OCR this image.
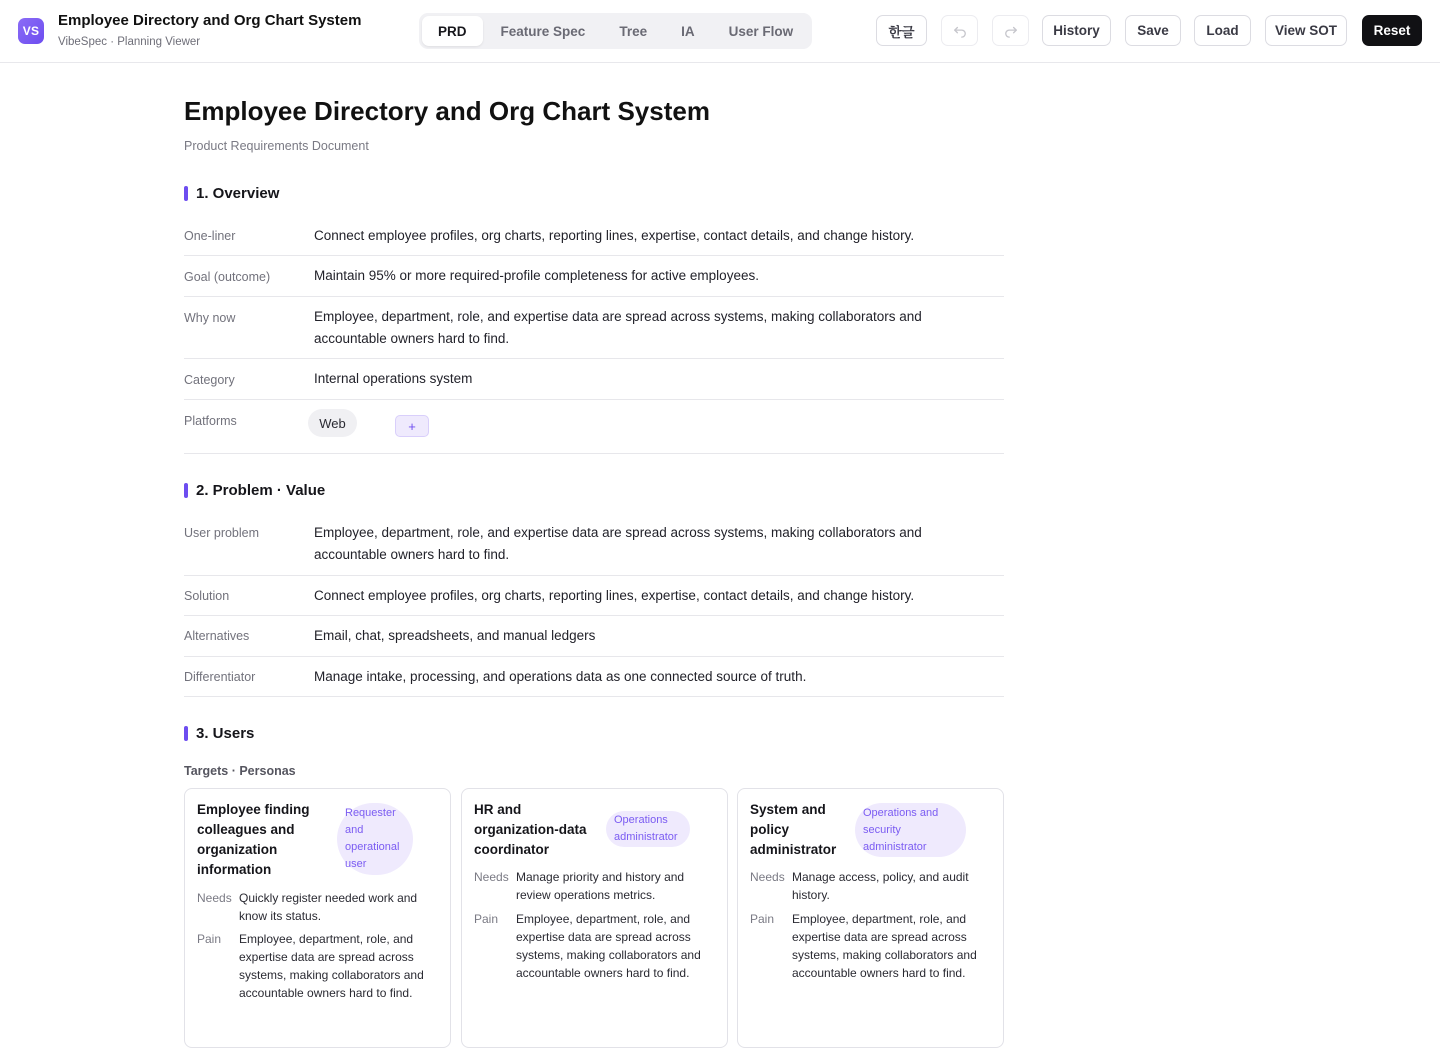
VS
Employee Directory and Org Chart System
VibeSpec · Planning Viewer
PRD	Feature Spec	Tree	IA	User Flow	한글	History	Save	Load	View SOT	Reset
Employee Directory and Org Chart System
Product Requirements Document
1. Overview
One-liner	Connect employee profiles, org charts, reporting lines, expertise, contact details, and change history.
Goal (outcome)	Maintain 95% or more required-profile completeness for active employees.
Why now	Employee, department, role, and expertise data are spread across systems, making collaborators and accountable owners hard to find.
Category	Internal operations system
Platforms	Web	+
2. Problem · Value
User problem	Employee, department, role, and expertise data are spread across systems, making collaborators and accountable owners hard to find.
Solution	Connect employee profiles, org charts, reporting lines, expertise, contact details, and change history.
Alternatives	Email, chat, spreadsheets, and manual ledgers
Differentiator	Manage intake, processing, and operations data as one connected source of truth.
3. Users
Targets · Personas
Employee finding colleagues and organization information
Requester and operational user
Needs Quickly register needed work and know its status.
Pain Employee, department, role, and expertise data are spread across systems, making collaborators and accountable owners hard to find.
HR and organization-data coordinator
Operations administrator
Needs Manage priority and history and review operations metrics.
Pain Employee, department, role, and expertise data are spread across systems, making collaborators and accountable owners hard to find.
System and policy administrator
Operations and security administrator
Needs Manage access, policy, and audit history.
Pain Employee, department, role, and expertise data are spread across systems, making collaborators and accountable owners hard to find.
